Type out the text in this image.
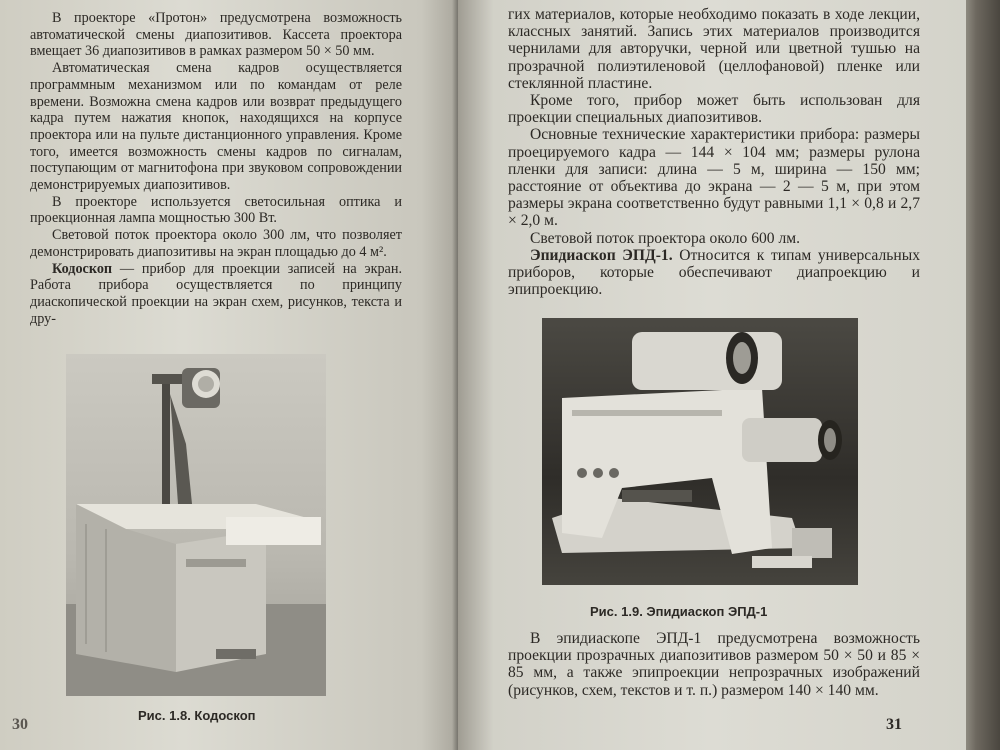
В проекторе «Протон» предусмотрена возможность автоматической смены диапозитивов. Кассета проектора вмещает 36 диапозитивов в рамках размером 50 × 50 мм.

Автоматическая смена кадров осуществляется программным механизмом или по командам от реле времени. Возможна смена кадров или возврат предыдущего кадра путем нажатия кнопок, находящихся на корпусе проектора или на пульте дистанционного управления. Кроме того, имеется возможность смены кадров по сигналам, поступающим от магнитофона при звуковом сопровождении демонстрируемых диапозитивов.

В проекторе используется светосильная оптика и проекционная лампа мощностью 300 Вт.

Световой поток проектора около 300 лм, что позволяет демонстрировать диапозитивы на экран площадью до 4 м².

Кодоскоп — прибор для проекции записей на экран. Работа прибора осуществляется по принципу диаскопической проекции на экран схем, рисунков, текста и дру-

Рис. 1.8. Кодоскоп
30

гих материалов, которые необходимо показать в ходе лекции, классных занятий. Запись этих материалов производится чернилами для авторучки, черной или цветной тушью на прозрачной полиэтиленовой (целлофановой) пленке или стеклянной пластине.

Кроме того, прибор может быть использован для проекции специальных диапозитивов.

Основные технические характеристики прибора: размеры проецируемого кадра — 144 × 104 мм; размеры рулона пленки для записи: длина — 5 м, ширина — 150 мм; расстояние от объектива до экрана — 2 — 5 м, при этом размеры экрана соответственно будут равными 1,1 × 0,8 и 2,7 × 2,0 м.

Световой поток проектора около 600 лм.

Эпидиаскоп ЭПД-1. Относится к типам универсальных приборов, которые обеспечивают диапроекцию и эпипроекцию.

Рис. 1.9. Эпидиаскоп ЭПД-1

В эпидиаскопе ЭПД-1 предусмотрена возможность проекции прозрачных диапозитивов размером 50 × 50 и 85 × 85 мм, а также эпипроекции непрозрачных изображений (рисунков, схем, текстов и т. п.) размером 140 × 140 мм.

31
